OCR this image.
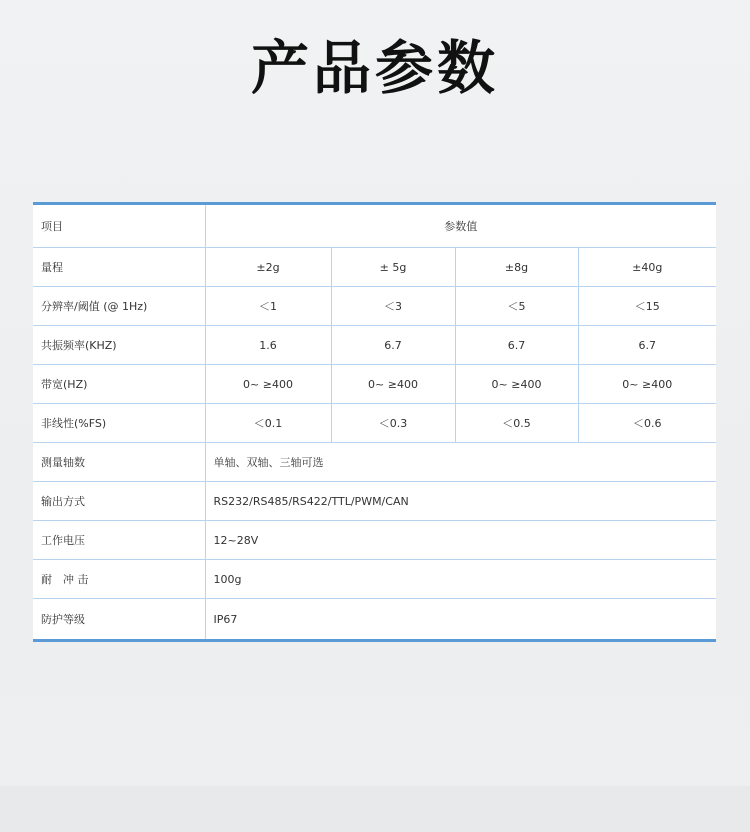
产品参数
项目	参数值			
量程	±2g	± 5g	±8g	±40g
分辨率/阈值 (@ 1Hz)	＜1	＜3	＜5	＜15
共振频率(KHZ)	1.6	6.7	6.7	6.7
带宽(HZ)	0~ ≥400	0~ ≥400	0~ ≥400	0~ ≥400
非线性(%FS)	＜0.1	＜0.3	＜0.5	＜0.6
测量轴数	单轴、双轴、三轴可选			
输出方式	RS232/RS485/RS422/TTL/PWM/CAN			
工作电压	12~28V			
耐　冲 击	100g			
防护等级	IP67			
